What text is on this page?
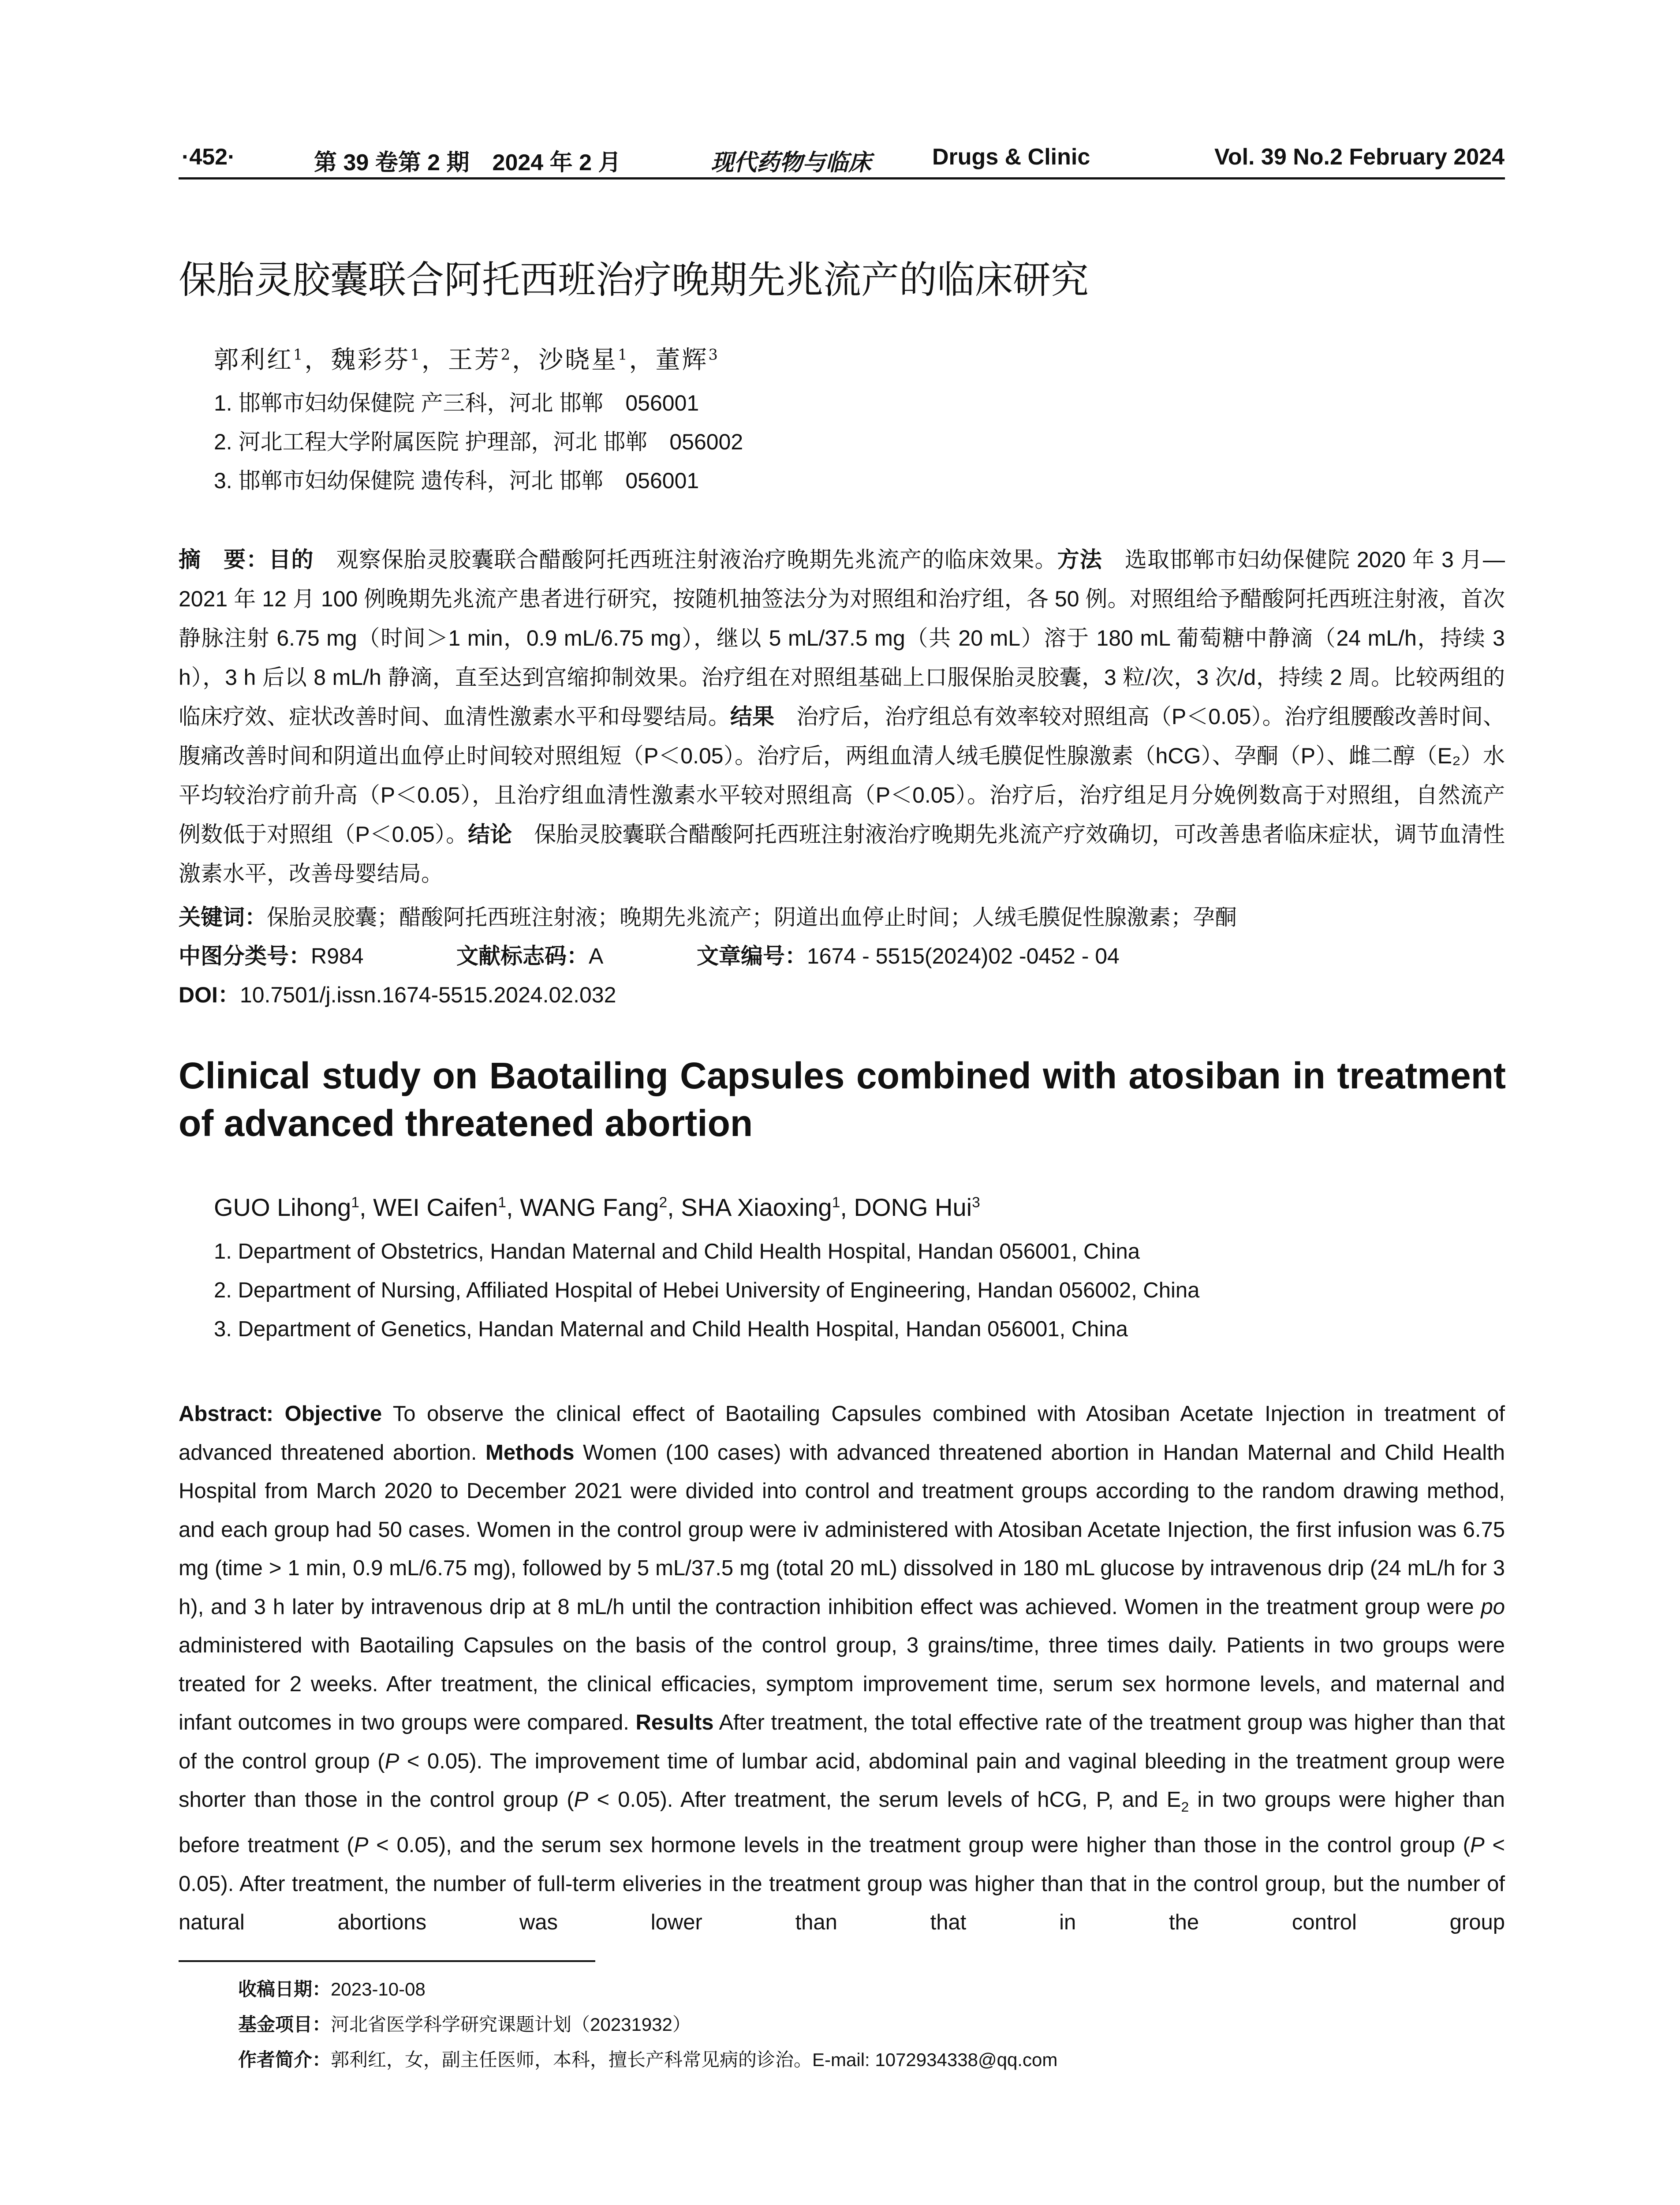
·452·	第 39 卷第 2 期　2024 年 2 月	现代药物与临床	Drugs & Clinic	Vol. 39 No.2 February 2024
保胎灵胶囊联合阿托西班治疗晚期先兆流产的临床研究
郭利红$^1$，魏彩芬$^1$，王芳$^2$，沙晓星$^1$，董辉$^3$
1. 邯郸市妇幼保健院 产三科，河北 邯郸　056001
2. 河北工程大学附属医院 护理部，河北 邯郸　056002
3. 邯郸市妇幼保健院 遗传科，河北 邯郸　056001

摘　要：目的　观察保胎灵胶囊联合醋酸阿托西班注射液治疗晚期先兆流产的临床效果。方法　选取邯郸市妇幼保健院 2020 年 3 月—2021 年 12 月 100 例晚期先兆流产患者进行研究，按随机抽签法分为对照组和治疗组，各 50 例。对照组给予醋酸阿托西班注射液，首次静脉注射 6.75 mg（时间＞1 min，0.9 mL/6.75 mg），继以 5 mL/37.5 mg（共 20 mL）溶于 180 mL 葡萄糖中静滴（24 mL/h，持续 3 h），3 h 后以 8 mL/h 静滴，直至达到宫缩抑制效果。治疗组在对照组基础上口服保胎灵胶囊，3 粒/次，3 次/d，持续 2 周。比较两组的临床疗效、症状改善时间、血清性激素水平和母婴结局。结果　治疗后，治疗组总有效率较对照组高（P＜0.05）。治疗组腰酸改善时间、腹痛改善时间和阴道出血停止时间较对照组短（P＜0.05）。治疗后，两组血清人绒毛膜促性腺激素（hCG）、孕酮（P）、雌二醇（E₂）水平均较治疗前升高（P＜0.05），且治疗组血清性激素水平较对照组高（P＜0.05）。治疗后，治疗组足月分娩例数高于对照组，自然流产例数低于对照组（P＜0.05）。结论　保胎灵胶囊联合醋酸阿托西班注射液治疗晚期先兆流产疗效确切，可改善患者临床症状，调节血清性激素水平，改善母婴结局。

关键词：保胎灵胶囊；醋酸阿托西班注射液；晚期先兆流产；阴道出血停止时间；人绒毛膜促性腺激素；孕酮
中图分类号：R984	文献标志码：A	文章编号：1674 - 5515(2024)02 -0452 - 04
DOI：10.7501/j.issn.1674-5515.2024.02.032
Clinical study on Baotailing Capsules combined with atosiban in treatment of advanced threatened abortion
GUO Lihong$^1$, WEI Caifen$^1$, WANG Fang$^2$, SHA Xiaoxing$^1$, DONG Hui$^3$
1. Department of Obstetrics, Handan Maternal and Child Health Hospital, Handan 056001, China
2. Department of Nursing, Affiliated Hospital of Hebei University of Engineering, Handan 056002, China
3. Department of Genetics, Handan Maternal and Child Health Hospital, Handan 056001, China
Abstract: Objective To observe the clinical effect of Baotailing Capsules combined with Atosiban Acetate Injection in treatment of advanced threatened abortion. Methods Women (100 cases) with advanced threatened abortion in Handan Maternal and Child Health Hospital from March 2020 to December 2021 were divided into control and treatment groups according to the random drawing method, and each group had 50 cases. Women in the control group were iv administered with Atosiban Acetate Injection, the first infusion was 6.75 mg (time > 1 min, 0.9 mL/6.75 mg), followed by 5 mL/37.5 mg (total 20 mL) dissolved in 180 mL glucose by intravenous drip (24 mL/h for 3 h), and 3 h later by intravenous drip at 8 mL/h until the contraction inhibition effect was achieved. Women in the treatment group were po administered with Baotailing Capsules on the basis of the control group, 3 grains/time, three times daily. Patients in two groups were treated for 2 weeks. After treatment, the clinical efficacies, symptom improvement time, serum sex hormone levels, and maternal and infant outcomes in two groups were compared. Results After treatment, the total effective rate of the treatment group was higher than that of the control group (P < 0.05). The improvement time of lumbar acid, abdominal pain and vaginal bleeding in the treatment group were shorter than those in the control group (P < 0.05). After treatment, the serum levels of hCG, P, and $E_2$ in two groups were higher than before treatment (P < 0.05), and the serum sex hormone levels in the treatment group were higher than those in the control group (P < 0.05). After treatment, the number of full-term eliveries in the treatment group was higher than that in the control group, but the number of natural abortions was lower than that in the control group
收稿日期：2023-10-08
基金项目：河北省医学科学研究课题计划（20231932）
作者简介：郭利红，女，副主任医师，本科，擅长产科常见病的诊治。E-mail: 1072934338@qq.com
